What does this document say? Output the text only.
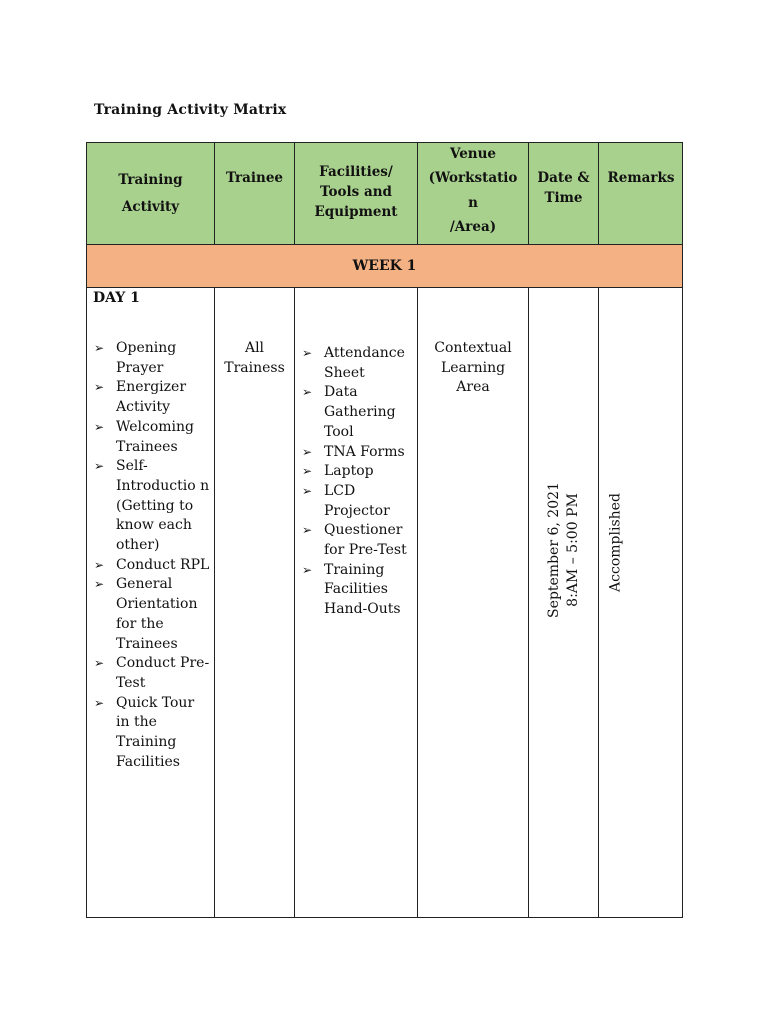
Training Activity Matrix
Training
Activity
Trainee	Facilities/
Tools and
Equipment
Venue
(Workstatio
n
/Area)
Date &
Time
Remarks
WEEK 1
DAY 1
➢ Opening Prayer
➢ Energizer Activity
➢ Welcoming Trainees
➢ Self-Introductio n (Getting to know each other)
➢ Conduct RPL
➢ General Orientation for the Trainees
➢ Conduct Pre-Test
➢ Quick Tour in the Training Facilities
All
Trainess
➢ Attendance Sheet
➢ Data Gathering Tool
➢ TNA Forms
➢ Laptop
➢ LCD Projector
➢ Questioner for Pre-Test
➢ Training Facilities Hand-Outs
Contextual
Learning
Area
September 6, 2021 8:AM – 5:00 PM Accomplished
